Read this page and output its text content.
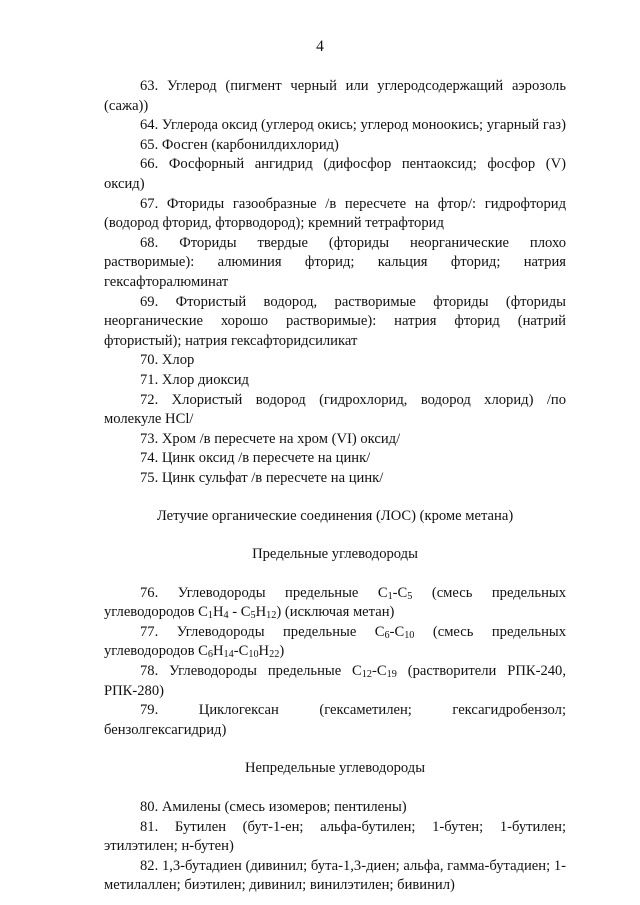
4

63. Углерод (пигмент черный или углеродсодержащий аэрозоль (сажа))

64. Углерода оксид (углерод окись; углерод моноокись; угарный газ)

65. Фосген (карбонилдихлорид)

66. Фосфорный ангидрид (дифосфор пентаоксид; фосфор (V) оксид)

67. Фториды газообразные /в пересчете на фтор/: гидрофторид (водород фторид, фторводород); кремний тетрафторид

68. Фториды твердые (фториды неорганические плохо растворимые): алюминия фторид; кальция фторид; натрия гексафторалюминат

69. Фтористый водород, растворимые фториды (фториды неорганические хорошо растворимые): натрия фторид (натрий фтористый); натрия гексафторидсиликат

70. Хлор

71. Хлор диоксид

72. Хлористый водород (гидрохлорид, водород хлорид) /по молекуле HCl/

73. Хром /в пересчете на хром (VI) оксид/

74. Цинк оксид /в пересчете на цинк/

75. Цинк сульфат /в пересчете на цинк/

Летучие органические соединения (ЛОС) (кроме метана)

Предельные углеводороды

76. Углеводороды предельные $C_1-C_5$ (смесь предельных углеводородов $C_1H_4 - C_5H_{12}$) (исключая метан)

77. Углеводороды предельные $C_6-C_{10}$ (смесь предельных углеводородов $C_6H_{14}-C_{10}H_{22}$)

78. Углеводороды предельные $C_{12}-C_{19}$ (растворители РПК-240, РПК-280)

79. Циклогексан (гексаметилен; гексагидробензол; бензолгексагидрид)

Непредельные углеводороды

80. Амилены (смесь изомеров; пентилены)

81. Бутилен (бут-1-ен; альфа-бутилен; 1-бутен; 1-бутилен; этилэтилен; н-бутен)

82. 1,3-бутадиен (дивинил; бута-1,3-диен; альфа, гамма-бутадиен; 1-метилаллен; биэтилен; дивинил; винилэтилен; бивинил)
